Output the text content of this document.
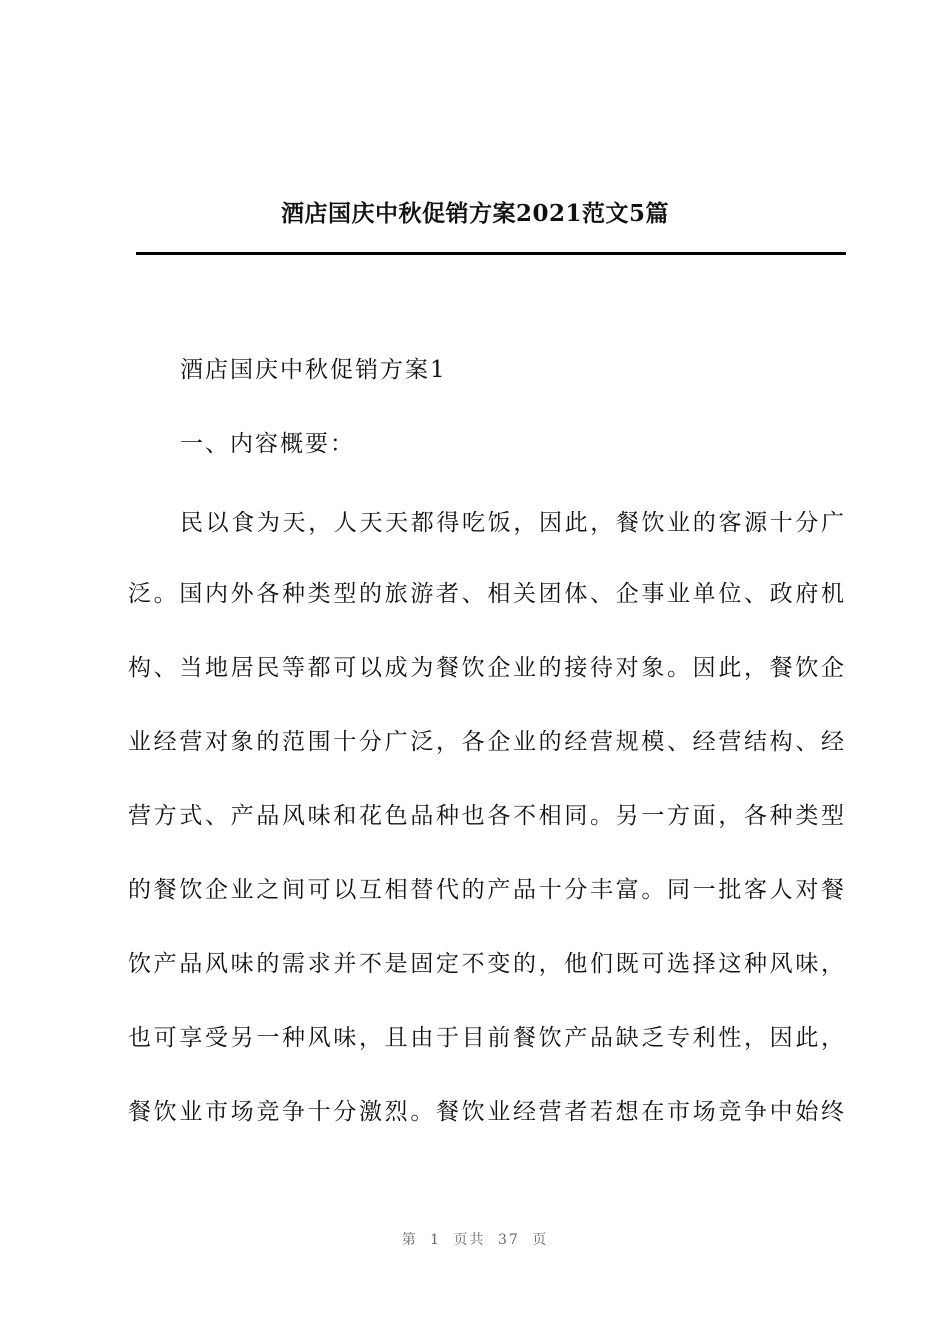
酒店国庆中秋促销方案2021范文5篇
酒店国庆中秋促销方案1
一、内容概要：
民以食为天，人天天都得吃饭，因此，餐饮业的客源十分广
泛。国内外各种类型的旅游者、相关团体、企事业单位、政府机
构、当地居民等都可以成为餐饮企业的接待对象。因此，餐饮企
业经营对象的范围十分广泛，各企业的经营规模、经营结构、经
营方式、产品风味和花色品种也各不相同。另一方面，各种类型
的餐饮企业之间可以互相替代的产品十分丰富。同一批客人对餐
饮产品风味的需求并不是固定不变的，他们既可选择这种风味，
也可享受另一种风味，且由于目前餐饮产品缺乏专利性，因此，
餐饮业市场竞争十分激烈。餐饮业经营者若想在市场竞争中始终
第 1 页共 37 页
